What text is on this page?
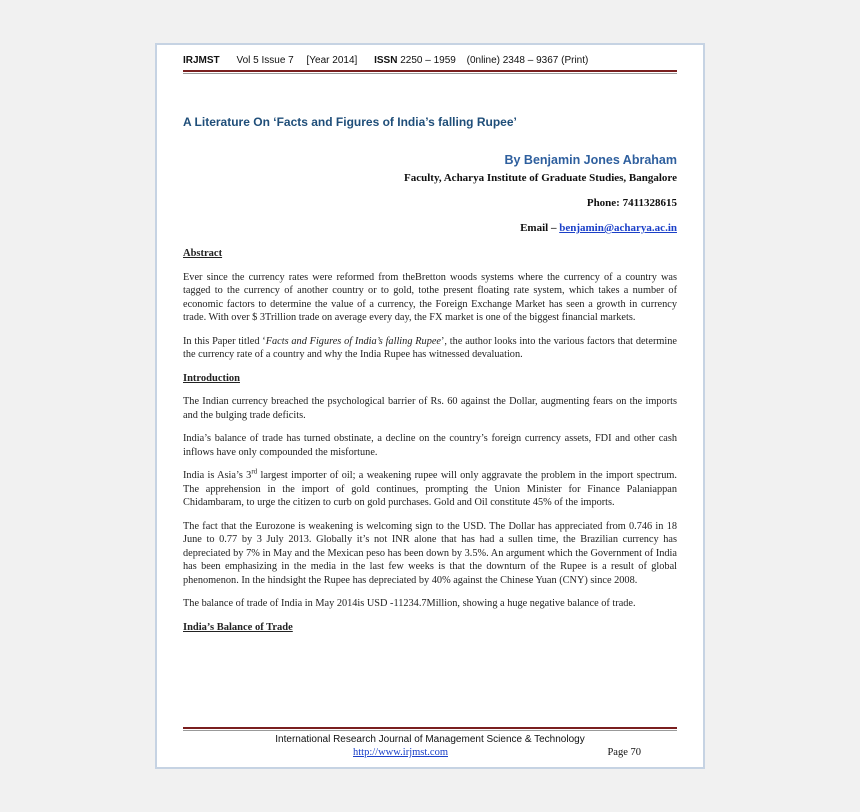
IRJMST Vol 5 Issue 7 [Year 2014] ISSN 2250 – 1959 (0nline) 2348 – 9367 (Print)
A Literature On ‘Facts and Figures of India’s falling Rupee’
By Benjamin Jones Abraham
Faculty, Acharya Institute of Graduate Studies, Bangalore
Phone: 7411328615
Email – benjamin@acharya.ac.in
Abstract

Ever since the currency rates were reformed from theBretton woods systems where the currency of a country was tagged to the currency of another country or to gold, tothe present floating rate system, which takes a number of economic factors to determine the value of a currency, the Foreign Exchange Market has seen a growth in currency trade. With over $ 3Trillion trade on average every day, the FX market is one of the biggest financial markets.

In this Paper titled ‘Facts and Figures of India’s falling Rupee’, the author looks into the various factors that determine the currency rate of a country and why the India Rupee has witnessed devaluation.

Introduction

The Indian currency breached the psychological barrier of Rs. 60 against the Dollar, augmenting fears on the imports and the bulging trade deficits.

India’s balance of trade has turned obstinate, a decline on the country’s foreign currency assets, FDI and other cash inflows have only compounded the misfortune.

India is Asia’s 3rd largest importer of oil; a weakening rupee will only aggravate the problem in the import spectrum. The apprehension in the import of gold continues, prompting the Union Minister for Finance Palaniappan Chidambaram, to urge the citizen to curb on gold purchases. Gold and Oil constitute 45% of the imports.

The fact that the Eurozone is weakening is welcoming sign to the USD. The Dollar has appreciated from 0.746 in 18 June to 0.77 by 3 July 2013. Globally it’s not INR alone that has had a sullen time, the Brazilian currency has depreciated by 7% in May and the Mexican peso has been down by 3.5%. An argument which the Government of India has been emphasizing in the media in the last few weeks is that the downturn of the Rupee is a result of global phenomenon. In the hindsight the Rupee has depreciated by 40% against the Chinese Yuan (CNY) since 2008.

The balance of trade of India in May 2014is USD -11234.7Million, showing a huge negative balance of trade.

India’s Balance of Trade
International Research Journal of Management Science & Technology
http://www.irjmst.com	Page 70
